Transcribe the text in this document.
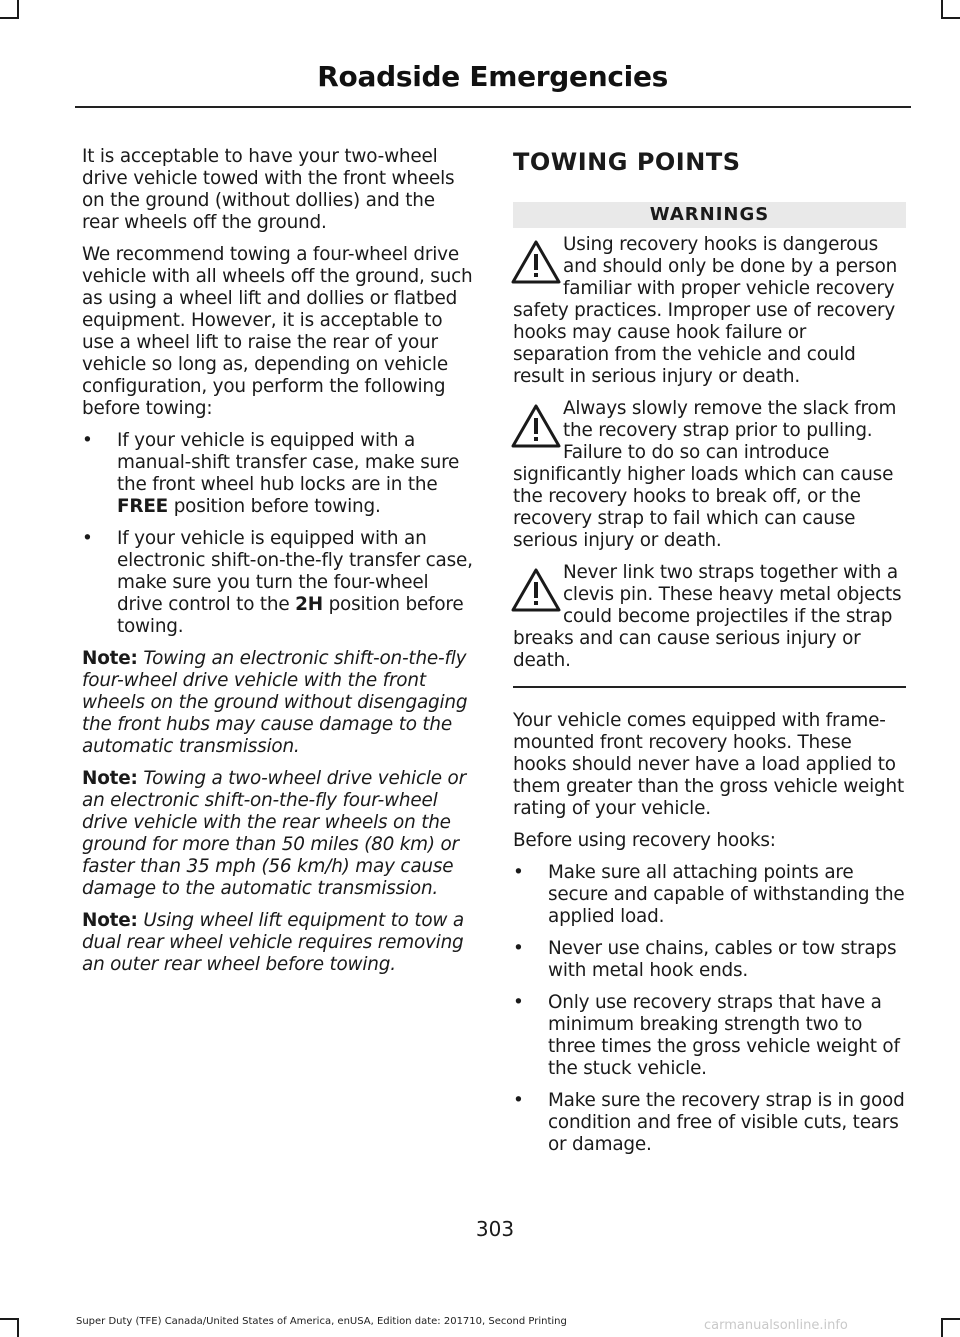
Roadside Emergencies

It is acceptable to have your two-wheel drive vehicle towed with the front wheels on the ground (without dollies) and the rear wheels off the ground.

We recommend towing a four-wheel drive vehicle with all wheels off the ground, such as using a wheel lift and dollies or flatbed equipment. However, it is acceptable to use a wheel lift to raise the rear of your vehicle so long as, depending on vehicle configuration, you perform the following before towing:

• If your vehicle is equipped with a manual-shift transfer case, make sure the front wheel hub locks are in the FREE position before towing.
• If your vehicle is equipped with an electronic shift-on-the-fly transfer case, make sure you turn the four-wheel drive control to the 2H position before towing.

Note: Towing an electronic shift-on-the-fly four-wheel drive vehicle with the front wheels on the ground without disengaging the front hubs may cause damage to the automatic transmission.

Note: Towing a two-wheel drive vehicle or an electronic shift-on-the-fly four-wheel drive vehicle with the rear wheels on the ground for more than 50 miles (80 km) or faster than 35 mph (56 km/h) may cause damage to the automatic transmission.

Note: Using wheel lift equipment to tow a dual rear wheel vehicle requires removing an outer rear wheel before towing.

TOWING POINTS
WARNINGS
Using recovery hooks is dangerous and should only be done by a person familiar with proper vehicle recovery safety practices. Improper use of recovery hooks may cause hook failure or separation from the vehicle and could result in serious injury or death.
Always slowly remove the slack from the recovery strap prior to pulling. Failure to do so can introduce significantly higher loads which can cause the recovery hooks to break off, or the recovery strap to fail which can cause serious injury or death.
Never link two straps together with a clevis pin. These heavy metal objects could become projectiles if the strap breaks and can cause serious injury or death.

Your vehicle comes equipped with frame-mounted front recovery hooks. These hooks should never have a load applied to them greater than the gross vehicle weight rating of your vehicle.

Before using recovery hooks:

• Make sure all attaching points are secure and capable of withstanding the applied load.
• Never use chains, cables or tow straps with metal hook ends.
• Only use recovery straps that have a minimum breaking strength two to three times the gross vehicle weight of the stuck vehicle.
• Make sure the recovery strap is in good condition and free of visible cuts, tears or damage.
303
Super Duty (TFE) Canada/United States of America, enUSA, Edition date: 201710, Second Printing	carmanualsonline.info
